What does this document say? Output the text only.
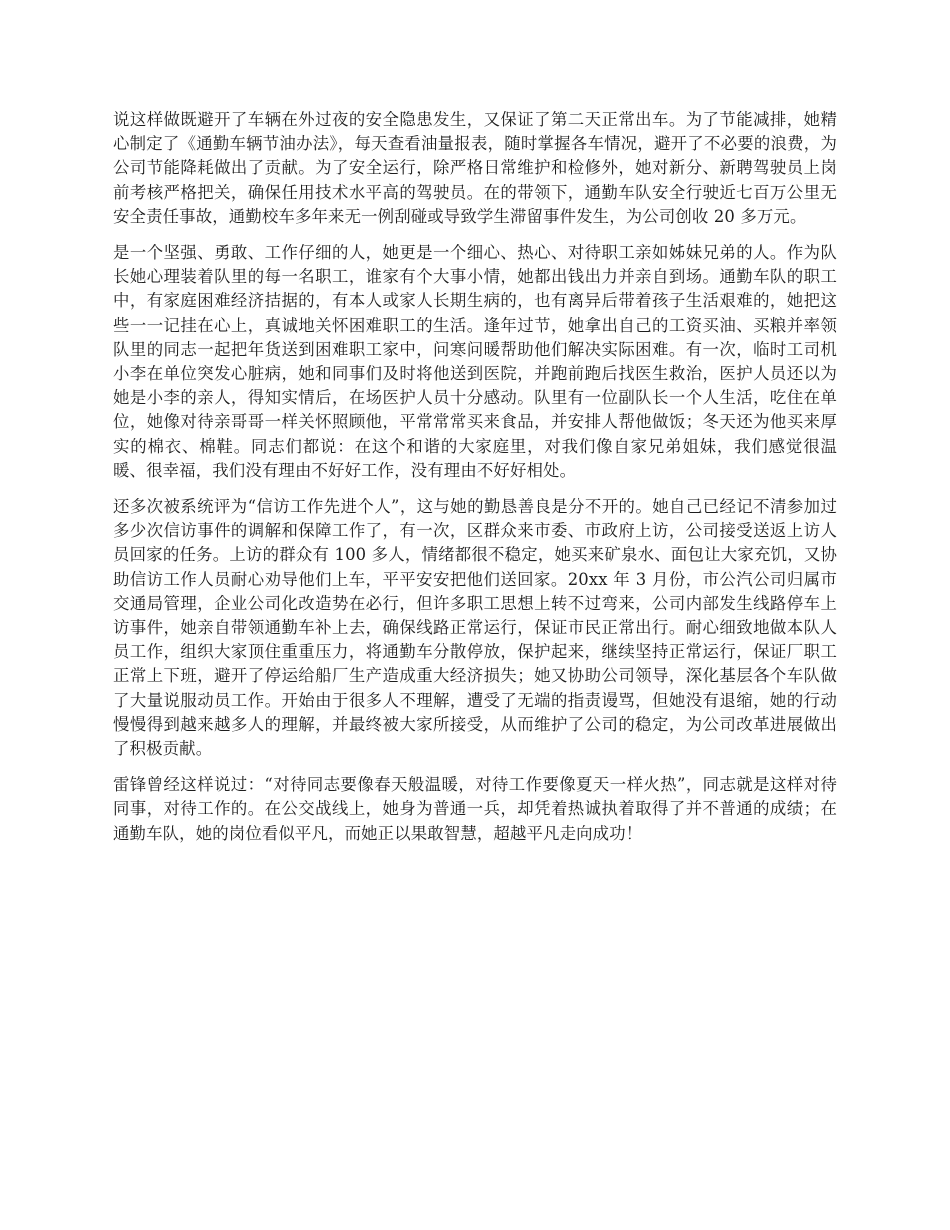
说这样做既避开了车辆在外过夜的安全隐患发生，又保证了第二天正常出车。为了节能减排，她精心制定了《通勤车辆节油办法》，每天查看油量报表，随时掌握各车情况，避开了不必要的浪费，为公司节能降耗做出了贡献。为了安全运行，除严格日常维护和检修外，她对新分、新聘驾驶员上岗前考核严格把关，确保任用技术水平高的驾驶员。在的带领下，通勤车队安全行驶近七百万公里无安全责任事故，通勤校车多年来无一例刮碰或导致学生滞留事件发生，为公司创收 20 多万元。

是一个坚强、勇敢、工作仔细的人，她更是一个细心、热心、对待职工亲如姊妹兄弟的人。作为队长她心理装着队里的每一名职工，谁家有个大事小情，她都出钱出力并亲自到场。通勤车队的职工中，有家庭困难经济拮据的，有本人或家人长期生病的，也有离异后带着孩子生活艰难的，她把这些一一记挂在心上，真诚地关怀困难职工的生活。逢年过节，她拿出自己的工资买油、买粮并率领队里的同志一起把年货送到困难职工家中，问寒问暖帮助他们解决实际困难。有一次，临时工司机小李在单位突发心脏病，她和同事们及时将他送到医院，并跑前跑后找医生救治，医护人员还以为她是小李的亲人，得知实情后，在场医护人员十分感动。队里有一位副队长一个人生活，吃住在单位，她像对待亲哥哥一样关怀照顾他，平常常常买来食品，并安排人帮他做饭；冬天还为他买来厚实的棉衣、棉鞋。同志们都说：在这个和谐的大家庭里，对我们像自家兄弟姐妹，我们感觉很温暖、很幸福，我们没有理由不好好工作，没有理由不好好相处。

还多次被系统评为“信访工作先进个人”，这与她的勤恳善良是分不开的。她自己已经记不清参加过多少次信访事件的调解和保障工作了，有一次，区群众来市委、市政府上访，公司接受送返上访人员回家的任务。上访的群众有 100 多人，情绪都很不稳定，她买来矿泉水、面包让大家充饥，又协助信访工作人员耐心劝导他们上车，平平安安把他们送回家。20xx 年 3 月份，市公汽公司归属市交通局管理，企业公司化改造势在必行，但许多职工思想上转不过弯来，公司内部发生线路停车上访事件，她亲自带领通勤车补上去，确保线路正常运行，保证市民正常出行。耐心细致地做本队人员工作，组织大家顶住重重压力，将通勤车分散停放，保护起来，继续坚持正常运行，保证厂职工正常上下班，避开了停运给船厂生产造成重大经济损失；她又协助公司领导，深化基层各个车队做了大量说服动员工作。开始由于很多人不理解，遭受了无端的指责谩骂，但她没有退缩，她的行动慢慢得到越来越多人的理解，并最终被大家所接受，从而维护了公司的稳定，为公司改革进展做出了积极贡献。

雷锋曾经这样说过：“对待同志要像春天般温暖，对待工作要像夏天一样火热”，同志就是这样对待同事，对待工作的。在公交战线上，她身为普通一兵，却凭着热诚执着取得了并不普通的成绩；在通勤车队，她的岗位看似平凡，而她正以果敢智慧，超越平凡走向成功！
